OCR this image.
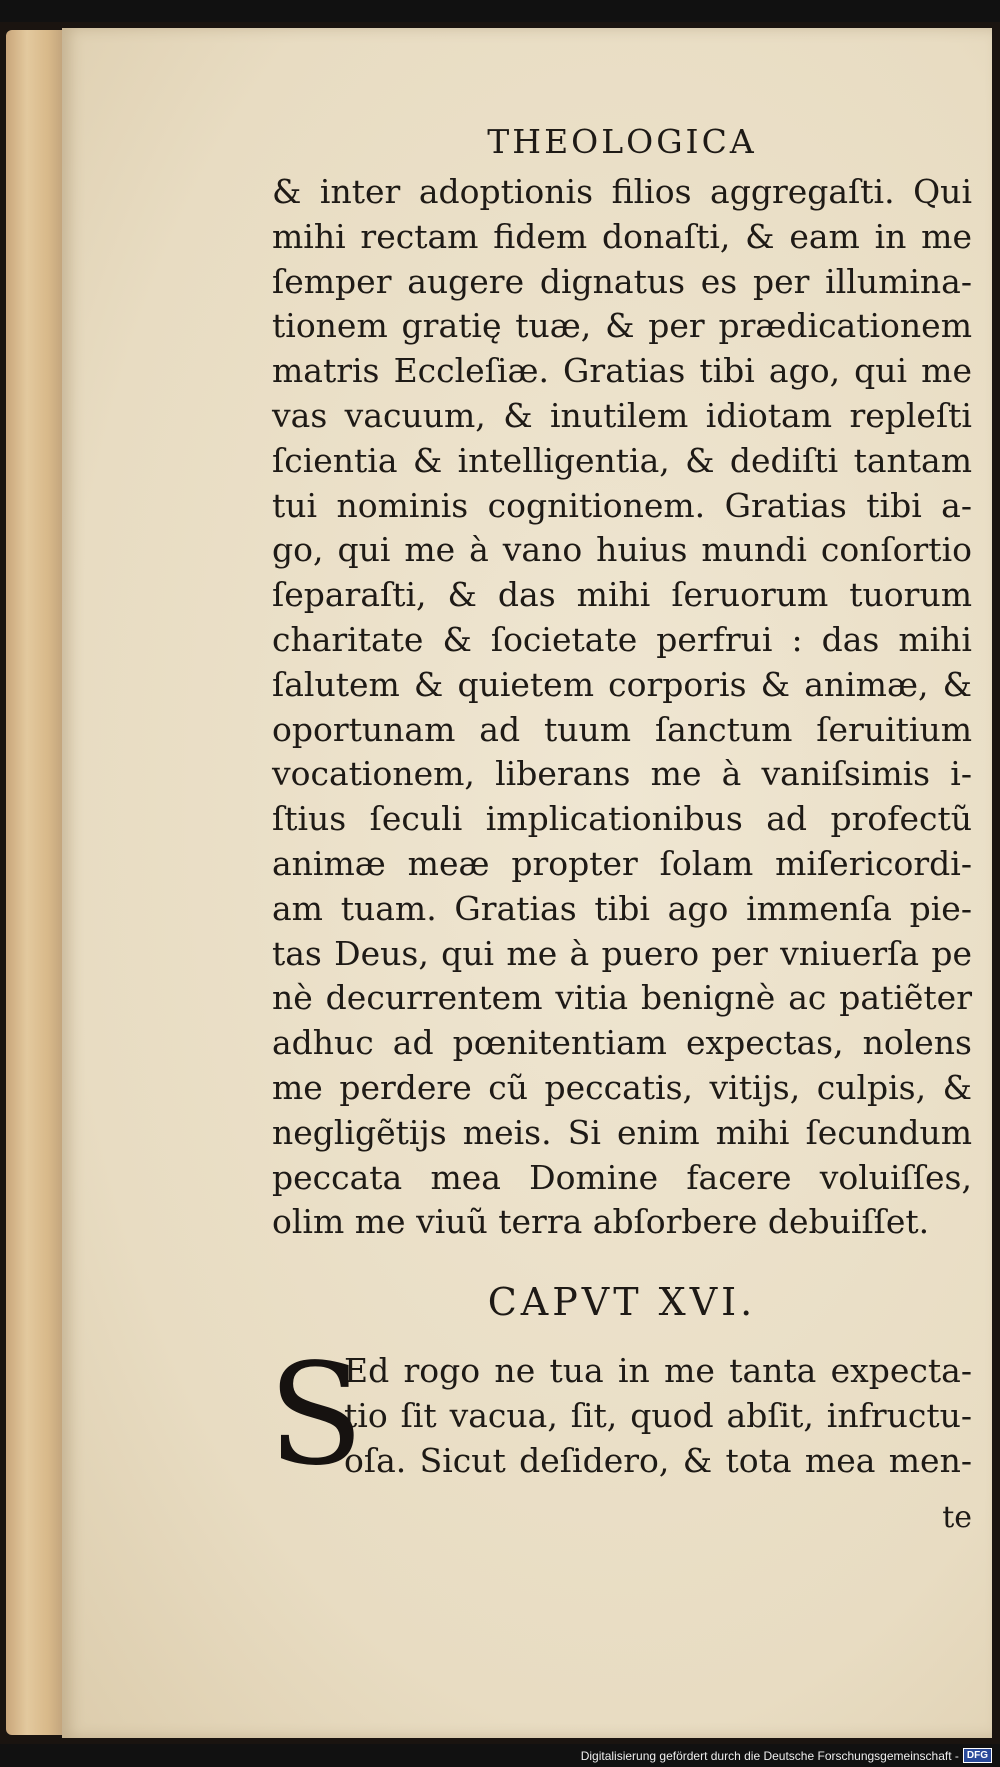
THEOLOGICA
& inter adoptionis filios aggregaſti. Qui
mihi rectam fidem donaſti, & eam in me
ſemper augere dignatus es per illumina-
tionem gratię tuæ, & per prædicationem
matris Eccleſiæ. Gratias tibi ago, qui me
vas vacuum, & inutilem idiotam repleſti
ſcientia & intelligentia, & dediſti tantam
tui nominis cognitionem. Gratias tibi a-
go, qui me à vano huius mundi conſortio
ſeparaſti, & das mihi ſeruorum tuorum
charitate & ſocietate perfrui : das mihi
ſalutem & quietem corporis & animæ, &
oportunam ad tuum ſanctum ſeruitium
vocationem, liberans me à vaniſsimis i-
ſtius ſeculi implicationibus ad profectũ
animæ meæ propter ſolam miſericordi-
am tuam. Gratias tibi ago immenſa pie-
tas Deus, qui me à puero per vniuerſa pe
nè decurrentem vitia benignè ac patiẽter
adhuc ad pœnitentiam expectas, nolens
me perdere cũ peccatis, vitijs, culpis, &
negligẽtijs meis. Si enim mihi ſecundum
peccata mea Domine facere voluiſſes,
olim me viuũ terra abſorbere debuiſſet.
CAPVT XVI.
S
Ed rogo ne tua in me tanta expecta-
tio ſit vacua, ſit, quod abſit, infructu-
oſa. Sicut deſidero, & tota mea men-
te
Digitalisierung gefördert durch die Deutsche Forschungsgemeinschaft - DFG
